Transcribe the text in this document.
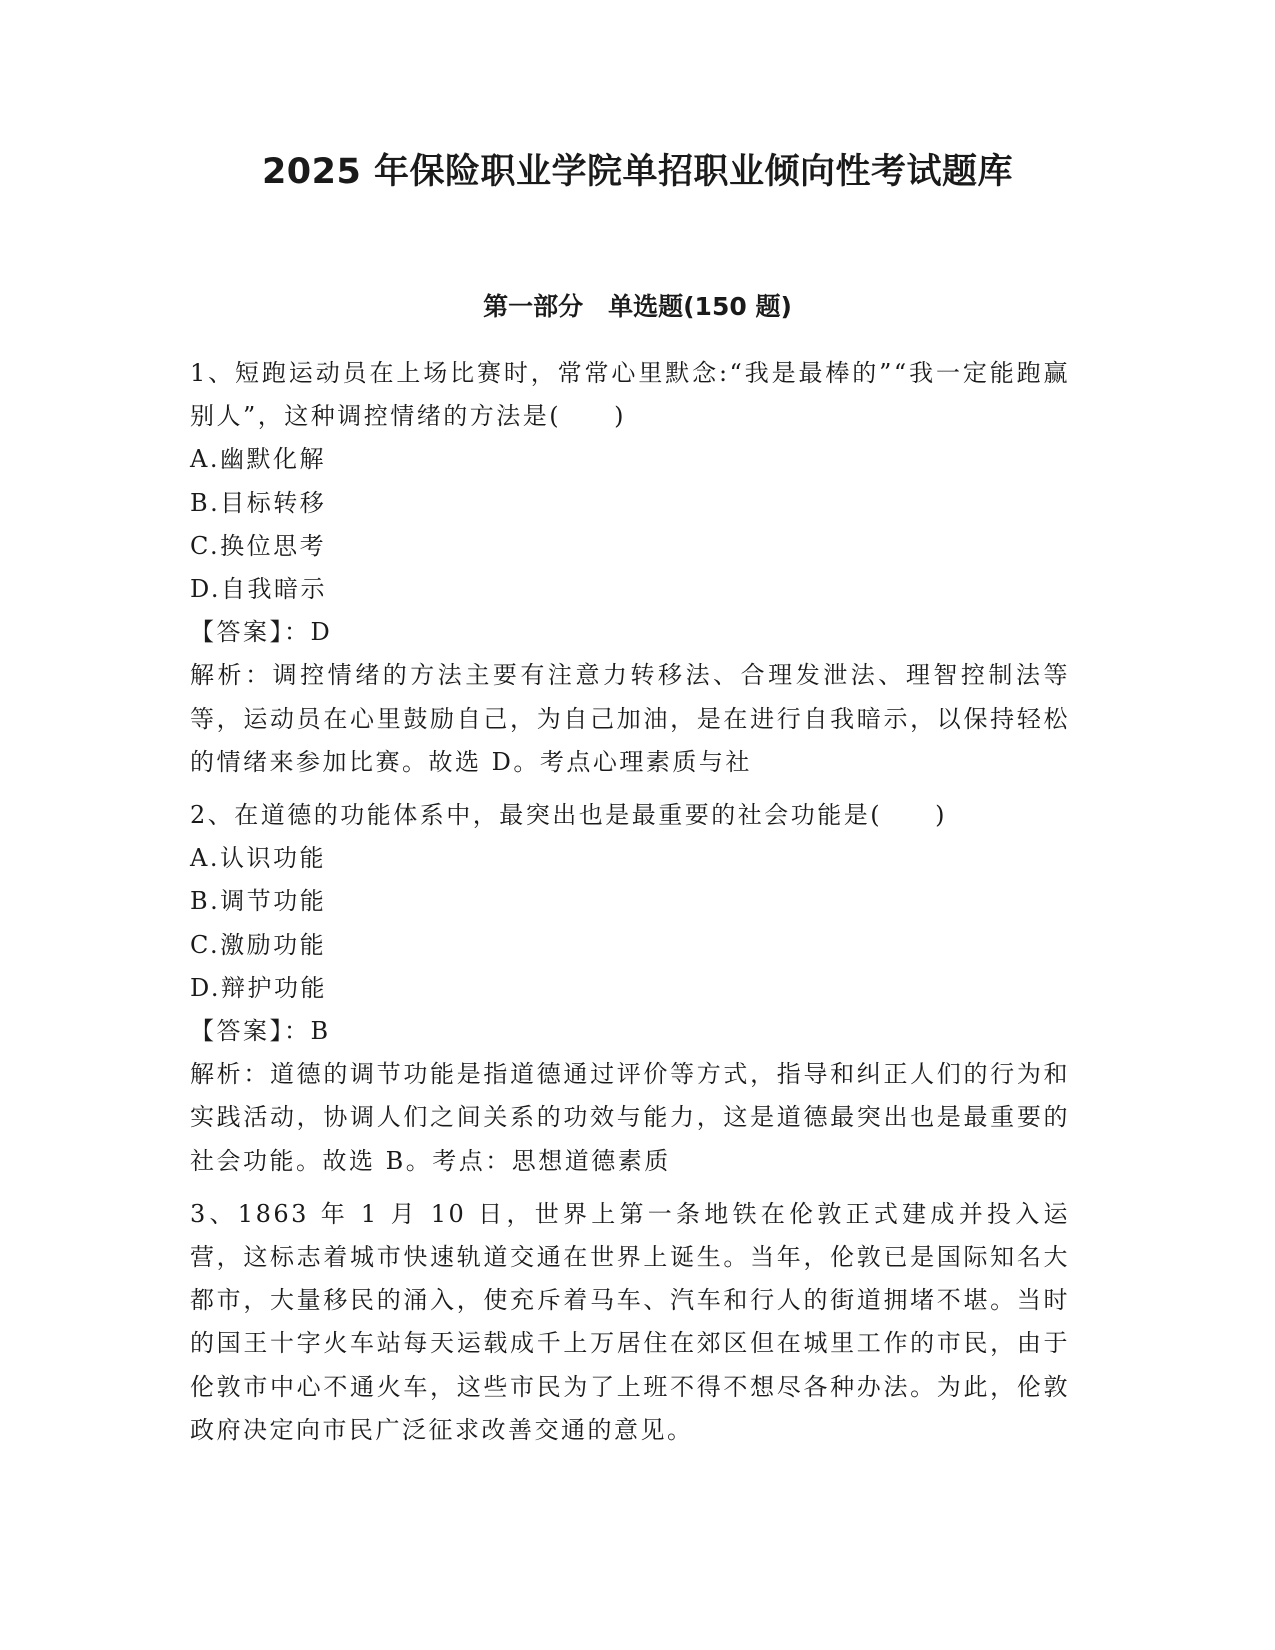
2025 年保险职业学院单招职业倾向性考试题库
第一部分　单选题(150 题)

1、短跑运动员在上场比赛时，常常心里默念:“我是最棒的”“我一定能跑赢别人”，这种调控情绪的方法是(　　)

A.幽默化解

B.目标转移

C.换位思考

D.自我暗示

【答案】：D

解析：调控情绪的方法主要有注意力转移法、合理发泄法、理智控制法等等，运动员在心里鼓励自己，为自己加油，是在进行自我暗示，以保持轻松的情绪来参加比赛。故选 D。考点心理素质与社

2、在道德的功能体系中，最突出也是最重要的社会功能是(　　)

A.认识功能

B.调节功能

C.激励功能

D.辩护功能

【答案】：B

解析：道德的调节功能是指道德通过评价等方式，指导和纠正人们的行为和实践活动，协调人们之间关系的功效与能力，这是道德最突出也是最重要的社会功能。故选 B。考点：思想道德素质

3、1863 年 1 月 10 日，世界上第一条地铁在伦敦正式建成并投入运营，这标志着城市快速轨道交通在世界上诞生。当年，伦敦已是国际知名大都市，大量移民的涌入，使充斥着马车、汽车和行人的街道拥堵不堪。当时的国王十字火车站每天运载成千上万居住在郊区但在城里工作的市民，由于伦敦市中心不通火车，这些市民为了上班不得不想尽各种办法。为此，伦敦政府决定向市民广泛征求改善交通的意见。
